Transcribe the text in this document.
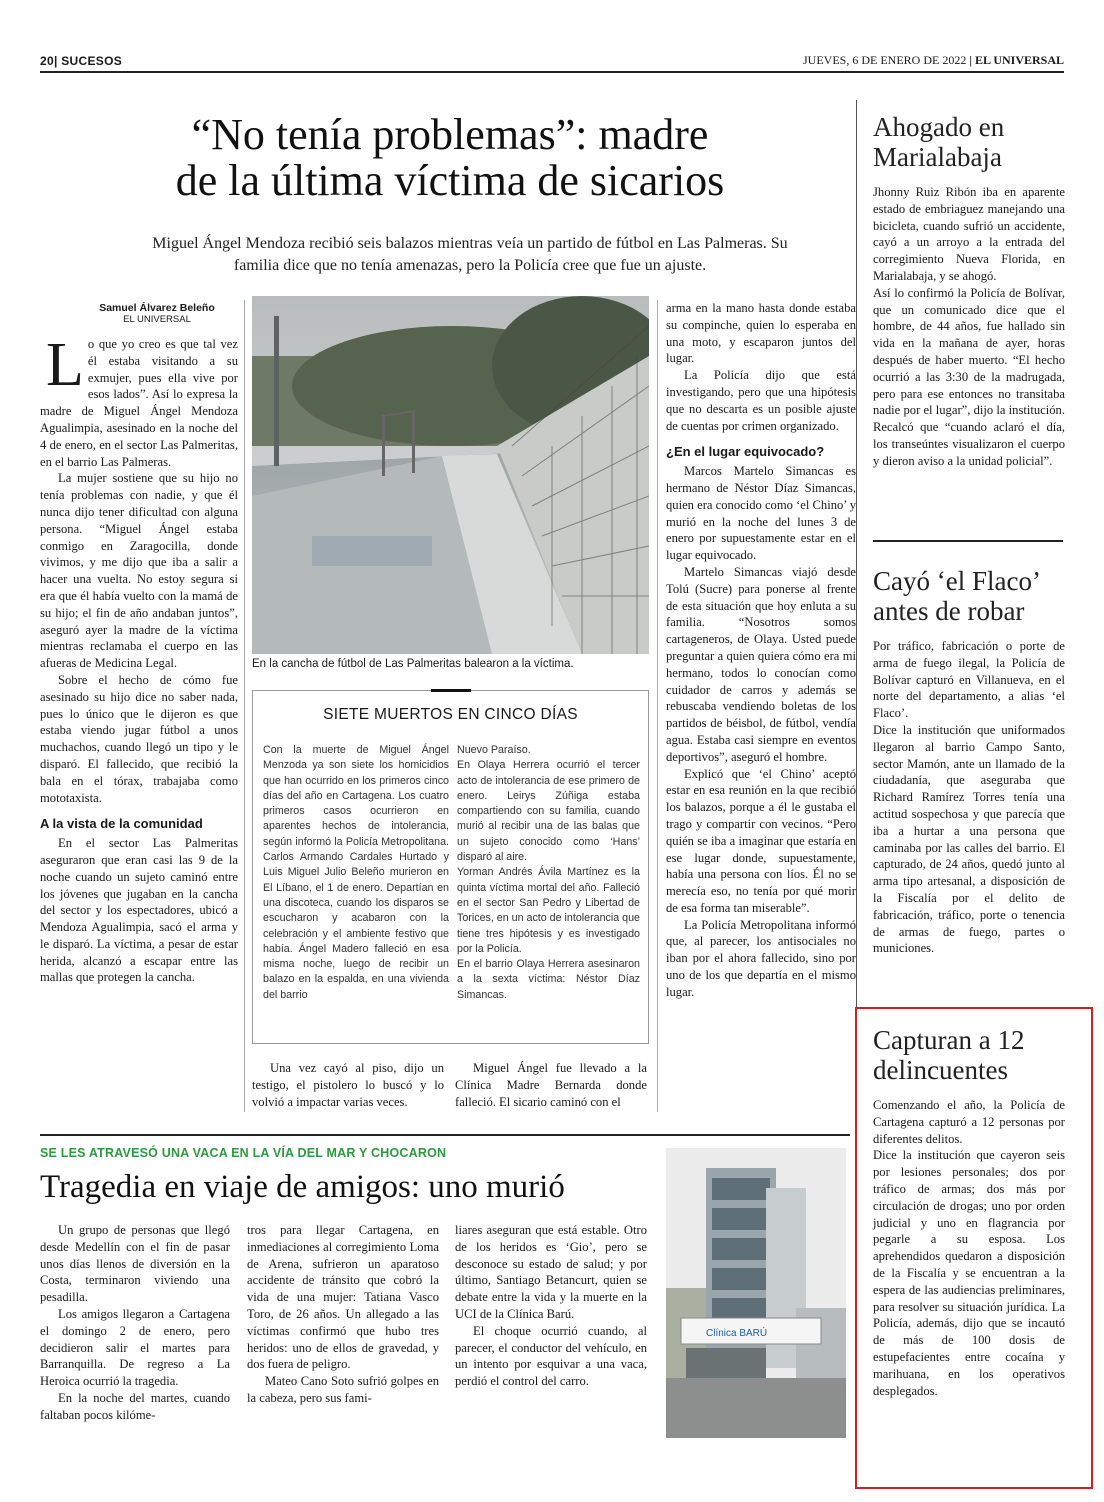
20| SUCESOS	JUEVES, 6 DE ENERO DE 2022 | EL UNIVERSAL
“No tenía problemas”: madre
de la última víctima de sicarios
Miguel Ángel Mendoza recibió seis balazos mientras veía un partido de fútbol en Las Palmeras. Su familia dice que no tenía amenazas, pero la Policía cree que fue un ajuste.
Samuel Álvarez Beleño
EL UNIVERSAL

Lo que yo creo es que tal vez él estaba visitando a su exmujer, pues ella vive por esos lados”. Así lo expresa la madre de Miguel Ángel Mendoza Agualimpia, asesinado en la noche del 4 de enero, en el sector Las Palmeritas, en el barrio Las Palmeras.

La mujer sostiene que su hijo no tenía problemas con nadie, y que él nunca dijo tener dificultad con alguna persona. “Miguel Ángel estaba conmigo en Zaragocilla, donde vivimos, y me dijo que iba a salir a hacer una vuelta. No estoy segura si era que él había vuelto con la mamá de su hijo; el fin de año andaban juntos”, aseguró ayer la madre de la víctima mientras reclamaba el cuerpo en las afueras de Medicina Legal.

Sobre el hecho de cómo fue asesinado su hijo dice no saber nada, pues lo único que le dijeron es que estaba viendo jugar fútbol a unos muchachos, cuando llegó un tipo y le disparó. El fallecido, que recibió la bala en el tórax, trabajaba como mototaxista.

A la vista de la comunidad

En el sector Las Palmeritas aseguraron que eran casi las 9 de la noche cuando un sujeto caminó entre los jóvenes que jugaban en la cancha del sector y los espectadores, ubicó a Mendoza Agualimpia, sacó el arma y le disparó. La víctima, a pesar de estar herida, alcanzó a escapar entre las mallas que protegen la cancha.

En la cancha de fútbol de Las Palmeritas balearon a la víctima.
SIETE MUERTOS EN CINCO DÍAS

Con la muerte de Miguel Ángel Menzoda ya son siete los homicidios que han ocurrido en los primeros cinco días del año en Cartagena. Los cuatro primeros casos ocurrieron en aparentes hechos de intolerancia, según informó la Policía Metropolitana. Carlos Armando Cardales Hurtado y Luis Miguel Julio Beleño murieron en El Líbano, el 1 de enero. Departían en una discoteca, cuando los disparos se escucharon y acabaron con la celebración y el ambiente festivo que había. Ángel Madero falleció en esa misma noche, luego de recibir un balazo en la espalda, en una vivienda del barrio

Nuevo Paraíso.

En Olaya Herrera ocurrió el tercer acto de intolerancia de ese primero de enero. Leirys Zúñiga estaba compartiendo con su familia, cuando murió al recibir una de las balas que un sujeto conocido como ‘Hans’ disparó al aire.

Yorman Andrés Ávila Martínez es la quinta víctima mortal del año. Falleció en el sector San Pedro y Libertad de Torices, en un acto de intolerancia que tiene tres hipótesis y es investigado por la Policía.

En el barrio Olaya Herrera asesinaron a la sexta víctima: Néstor Díaz Simancas.

Una vez cayó al piso, dijo un testigo, el pistolero lo buscó y lo volvió a impactar varias veces.

Miguel Ángel fue llevado a la Clínica Madre Bernarda donde falleció. El sicario caminó con el

arma en la mano hasta donde estaba su compinche, quien lo esperaba en una moto, y escaparon juntos del lugar.

La Policía dijo que está investigando, pero que una hipótesis que no descarta es un posible ajuste de cuentas por crimen organizado.

¿En el lugar equivocado?

Marcos Martelo Simancas es hermano de Néstor Díaz Simancas, quien era conocido como ‘el Chino’ y murió en la noche del lunes 3 de enero por supuestamente estar en el lugar equivocado.

Martelo Simancas viajó desde Tolú (Sucre) para ponerse al frente de esta situación que hoy enluta a su familia. “Nosotros somos cartageneros, de Olaya. Usted puede preguntar a quien quiera cómo era mi hermano, todos lo conocían como cuidador de carros y además se rebuscaba vendiendo boletas de los partidos de béisbol, de fútbol, vendía agua. Estaba casi siempre en eventos deportivos”, aseguró el hombre.

Explicó que ‘el Chino’ aceptó estar en esa reunión en la que recibió los balazos, porque a él le gustaba el trago y compartir con vecinos. “Pero quién se iba a imaginar que estaría en ese lugar donde, supuestamente, había una persona con líos. Él no se merecía eso, no tenía por qué morir de esa forma tan miserable”.

La Policía Metropolitana informó que, al parecer, los antisociales no iban por el ahora fallecido, sino por uno de los que departía en el mismo lugar.

Ahogado en Marialabaja

Jhonny Ruiz Ribón iba en aparente estado de embriaguez manejando una bicicleta, cuando sufrió un accidente, cayó a un arroyo a la entrada del corregimiento Nueva Florida, en Marialabaja, y se ahogó.

Así lo confirmó la Policía de Bolívar, que un comunicado dice que el hombre, de 44 años, fue hallado sin vida en la mañana de ayer, horas después de haber muerto. “El hecho ocurrió a las 3:30 de la madrugada, pero para ese entonces no transitaba nadie por el lugar”, dijo la institución. Recalcó que “cuando aclaró el día, los transeúntes visualizaron el cuerpo y dieron aviso a la unidad policial”.

Cayó ‘el Flaco’ antes de robar

Por tráfico, fabricación o porte de arma de fuego ilegal, la Policía de Bolívar capturó en Villanueva, en el norte del departamento, a alias ‘el Flaco’.

Dice la institución que uniformados llegaron al barrio Campo Santo, sector Mamón, ante un llamado de la ciudadanía, que aseguraba que Richard Ramírez Torres tenía una actitud sospechosa y que parecía que iba a hurtar a una persona que caminaba por las calles del barrio. El capturado, de 24 años, quedó junto al arma tipo artesanal, a disposición de la Fiscalía por el delito de fabricación, tráfico, porte o tenencia de armas de fuego, partes o municiones.

Capturan a 12 delincuentes

Comenzando el año, la Policía de Cartagena capturó a 12 personas por diferentes delitos.

Dice la institución que cayeron seis por lesiones personales; dos por tráfico de armas; dos más por circulación de drogas; uno por orden judicial y uno en flagrancia por pegarle a su esposa. Los aprehendidos quedaron a disposición de la Fiscalía y se encuentran a la espera de las audiencias preliminares, para resolver su situación jurídica. La Policía, además, dijo que se incautó de más de 100 dosis de estupefacientes entre cocaína y marihuana, en los operativos desplegados.

SE LES ATRAVESÓ UNA VACA EN LA VÍA DEL MAR Y CHOCARON
Tragedia en viaje de amigos: uno murió

Un grupo de personas que llegó desde Medellín con el fin de pasar unos días llenos de diversión en la Costa, terminaron viviendo una pesadilla.

Los amigos llegaron a Cartagena el domingo 2 de enero, pero decidieron salir el martes para Barranquilla. De regreso a La Heroica ocurrió la tragedia.

En la noche del martes, cuando faltaban pocos kilóme-

tros para llegar Cartagena, en inmediaciones al corregimiento Loma de Arena, sufrieron un aparatoso accidente de tránsito que cobró la vida de una mujer: Tatiana Vasco Toro, de 26 años. Un allegado a las víctimas confirmó que hubo tres heridos: uno de ellos de gravedad, y dos fuera de peligro.

Mateo Cano Soto sufrió golpes en la cabeza, pero sus fami-

liares aseguran que está estable. Otro de los heridos es ‘Gio’, pero se desconoce su estado de salud; y por último, Santiago Betancurt, quien se debate entre la vida y la muerte en la UCI de la Clínica Barú.

El choque ocurrió cuando, al parecer, el conductor del vehículo, en un intento por esquivar a una vaca, perdió el control del carro.

Clínica BARÚ
